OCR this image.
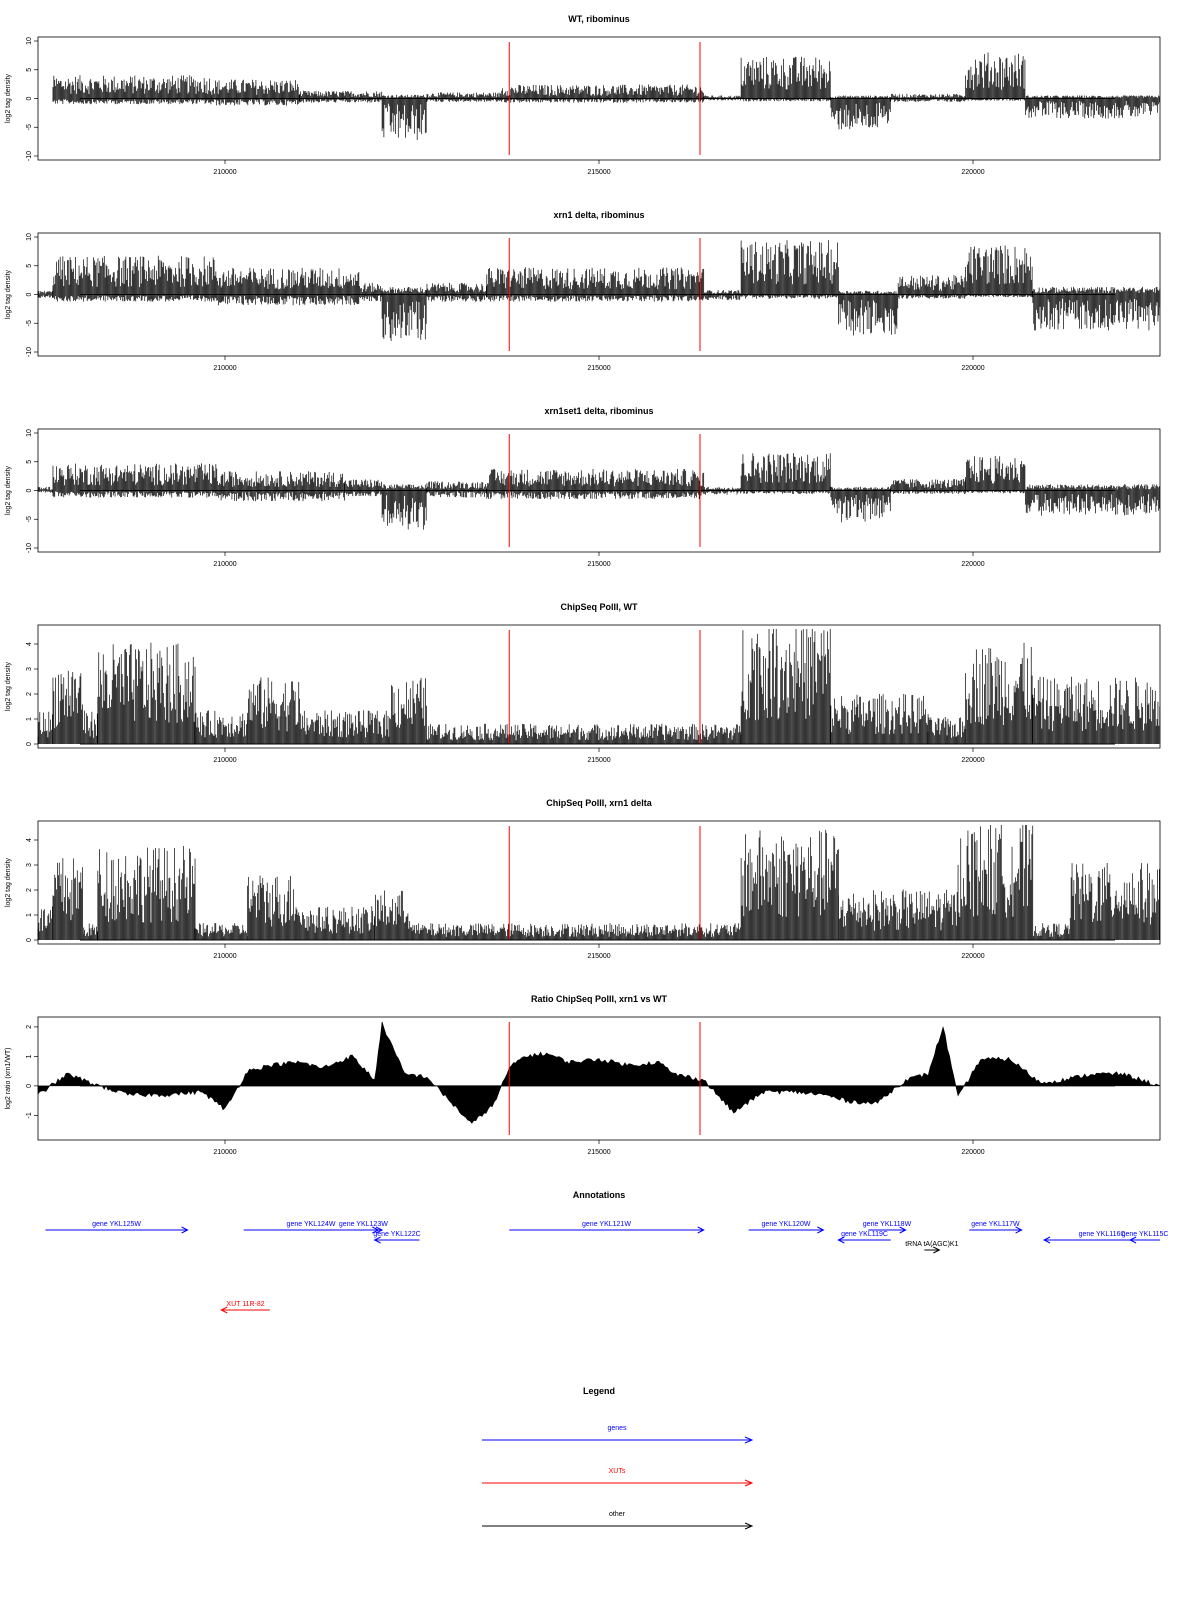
WT, ribominus
10
5
0
-5
-10
log2 tag density
210000	215000	220000
xrn1 delta, ribominus
10
5
0
-5
-10
log2 tag density
210000	215000	220000
xrn1set1 delta, ribominus
10
5
0
-5
-10
log2 tag density
210000	215000	220000
ChipSeq PolII, WT
4
3
2
1
0
log2 tag density
210000	215000	220000
ChipSeq PolII, xrn1 delta
4
3
2
1
0
log2 tag density
210000	215000	220000
Ratio ChipSeq PolII, xrn1 vs WT
2
1
0
-1
log2 ratio (xrn1/WT)
210000	215000	220000
Annotations
gene YKL125W	gene YKL124W gene YKL123W
gene YKL122C
gene YKL121W	gene YKL120W	gene YKL118W
gene YKL119C
tRNA tA(AGC)K1
gene YKL117W
gene YKL116C
gene YKL115C
XUT 11R-82
Legend
genes
XUTs
other
